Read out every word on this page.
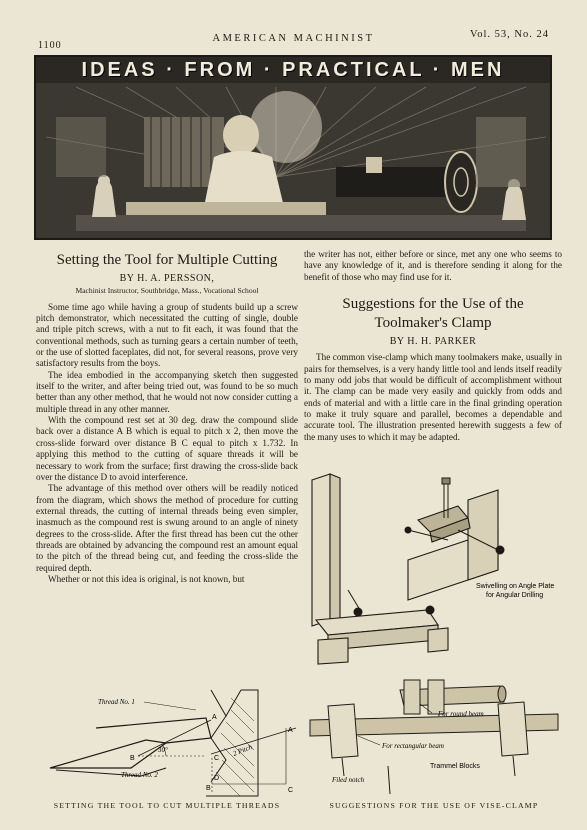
1100
AMERICAN MACHINIST	Vol. 53, No. 24
IDEAS · FROM · PRACTICAL · MEN
Setting the Tool for Multiple Cutting
BY H. A. PERSSON,
Machinist Instructor, Southbridge, Mass., Vocational School

Some time ago while having a group of students build up a screw pitch demonstrator, which necessitated the cutting of single, double and triple pitch screws, with a nut to fit each, it was found that the conventional methods, such as turning gears a certain number of teeth, or the use of slotted faceplates, did not, for several reasons, prove very satisfactory results from the boys.

The idea embodied in the accompanying sketch then suggested itself to the writer, and after being tried out, was found to be so much better than any other method, that he would not now consider cutting a multiple thread in any other manner.

With the compound rest set at 30 deg. draw the compound slide back over a distance A B which is equal to pitch x 2, then move the cross-slide forward over distance B C equal to pitch x 1.732. In applying this method to the cutting of square threads it will be necessary to work from the surface; first drawing the cross-slide back over the distance D to avoid interference.

The advantage of this method over others will be readily noticed from the diagram, which shows the method of procedure for cutting external threads, the cutting of internal threads being even simpler, inasmuch as the compound rest is swung around to an angle of ninety degrees to the cross-slide. After the first thread has been cut the other threads are obtained by advancing the compound rest an amount equal to the pitch of the thread being cut, and feeding the cross-slide the required depth.

Whether or not this idea is original, is not known, but

the writer has not, either before or since, met any one who seems to have any knowledge of it, and is therefore sending it along for the benefit of those who may find use for it.

Suggestions for the Use of the
Toolmaker's Clamp
BY H. H. PARKER

The common vise-clamp which many toolmakers make, usually in pairs for themselves, is a very handy little tool and lends itself readily to many odd jobs that would be difficult of accomplishment without it. The clamp can be made very easily and quickly from odds and ends of material and with a little care in the final grinding operation to make it truly square and parallel, becomes a dependable and accurate tool. The illustration presented herewith suggests a few of the many uses to which it may be adapted.

Thread No. 1
Thread No. 2
30°	2 Pitch
A
A
B
B
C
C
D
Swivelling on Angle Plate
for Angular Drilling
For round beam
For rectangular beam
Filed notch
Trammel Blocks
SETTING THE TOOL TO CUT MULTIPLE THREADS	SUGGESTIONS FOR THE USE OF VISE-CLAMP
